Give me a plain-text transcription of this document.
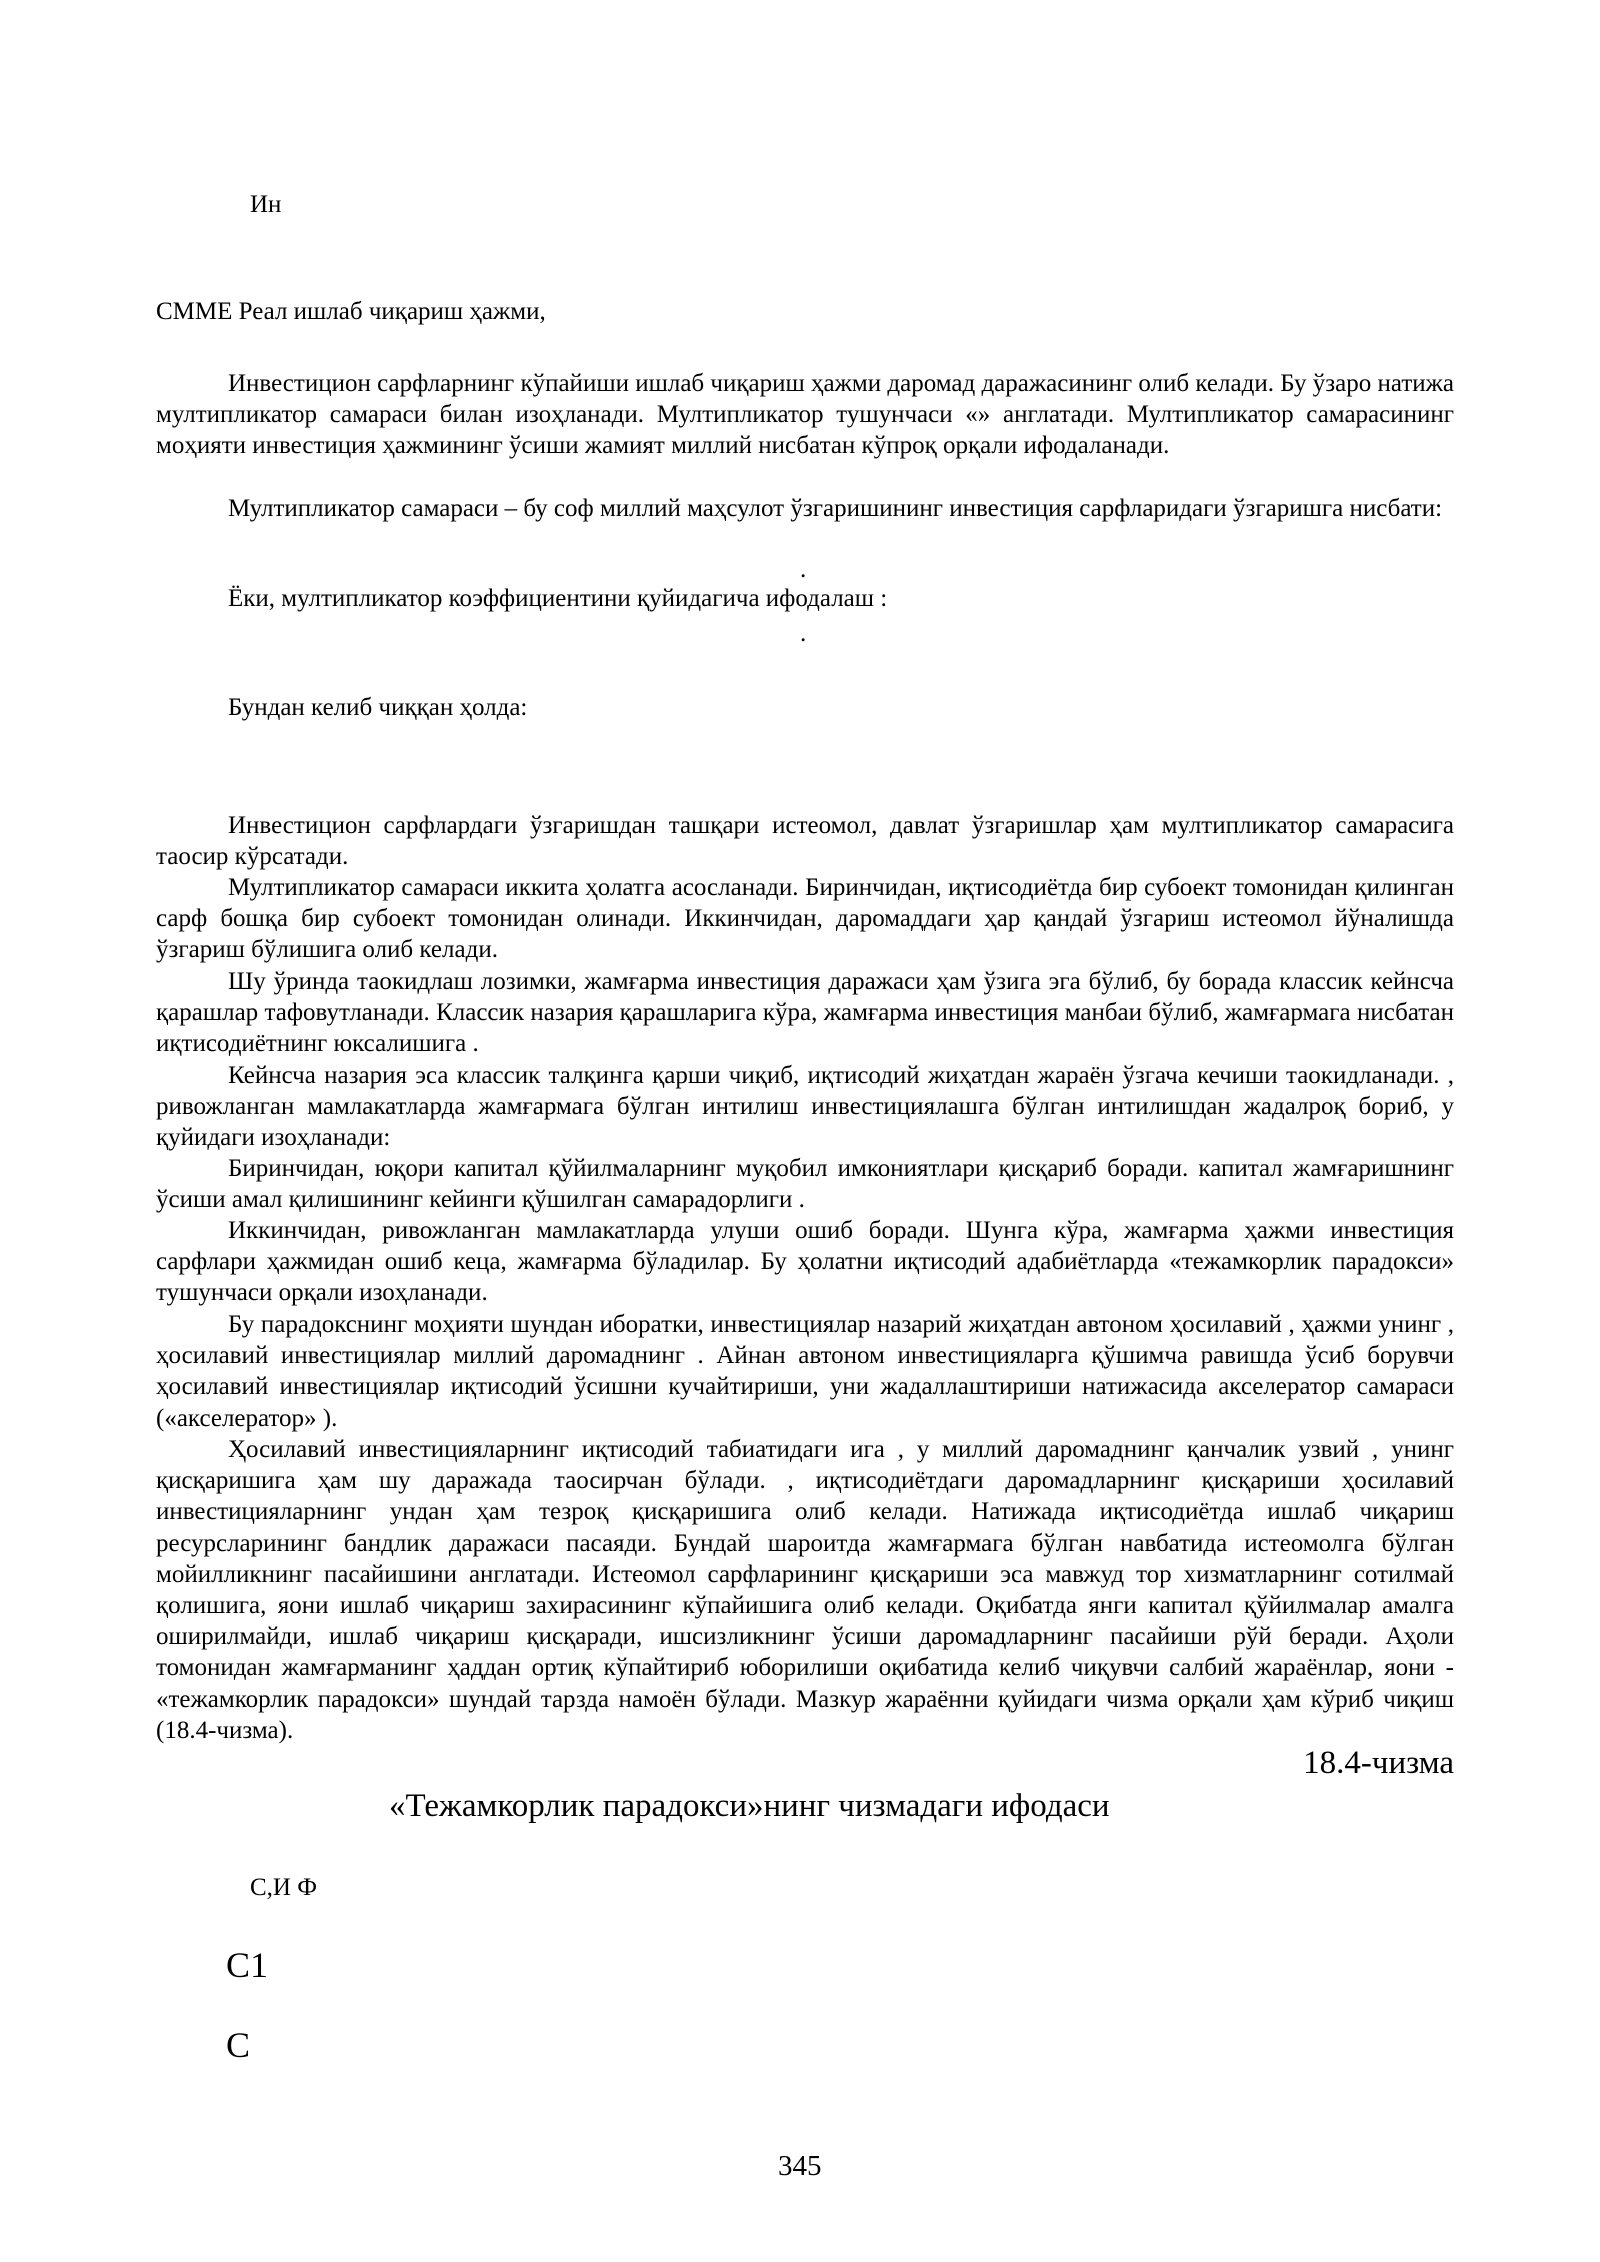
Ин

СММЕ Реал ишлаб чиқариш ҳажми,

Инвестицион сарфларнинг кўпайиши ишлаб чиқариш ҳажми даромад даражасининг олиб келади. Бу ўзаро натижа мултипликатор самараси билан изоҳланади. Мултипликатор тушунчаси «» англатади. Мултипликатор самарасининг моҳияти инвестиция ҳажмининг ўсиши жамият миллий нисбатан кўпроқ орқали ифодаланади.

Мултипликатор самараси – бу соф миллий маҳсулот ўзгаришининг инвестиция сарфларидаги ўзгаришга нисбати:

.

Ёки, мултипликатор коэффициентини қуйидагича ифодалаш :

.

Бундан келиб чиққан ҳолда:

Инвестицион сарфлардаги ўзгаришдан ташқари истеомол, давлат ўзгаришлар ҳам мултипликатор самарасига таосир кўрсатади.

Мултипликатор самараси иккита ҳолатга асосланади. Биринчидан, иқтисодиётда бир субоект томонидан қилинган сарф бошқа бир субоект томонидан олинади. Иккинчидан, даромаддаги ҳар қандай ўзгариш истеомол йўналишда ўзгариш бўлишига олиб келади.

Шу ўринда таокидлаш лозимки, жамғарма инвестиция даражаси ҳам ўзига эга бўлиб, бу борада классик кейнсча қарашлар тафовутланади. Классик назария қарашларига кўра, жамғарма инвестиция манбаи бўлиб, жамғармага нисбатан иқтисодиётнинг юксалишига .

Кейнсча назария эса классик талқинга қарши чиқиб, иқтисодий жиҳатдан жараён ўзгача кечиши таокидланади. , ривожланган мамлакатларда жамғармага бўлган интилиш инвестициялашга бўлган интилишдан жадалроқ бориб, у қуйидаги изоҳланади:

Биринчидан, юқори капитал қўйилмаларнинг муқобил имкониятлари қисқариб боради. капитал жамғаришнинг ўсиши амал қилишининг кейинги қўшилган самарадорлиги .

Иккинчидан, ривожланган мамлакатларда улуши ошиб боради. Шунга кўра, жамғарма ҳажми инвестиция сарфлари ҳажмидан ошиб кеца, жамғарма бўладилар. Бу ҳолатни иқтисодий адабиётларда «тежамкорлик парадокси» тушунчаси орқали изоҳланади.

Бу парадокснинг моҳияти шундан иборатки, инвестициялар назарий жиҳатдан автоном ҳосилавий , ҳажми унинг , ҳосилавий инвестициялар миллий даромаднинг . Айнан автоном инвестицияларга қўшимча равишда ўсиб борувчи ҳосилавий инвестициялар иқтисодий ўсишни кучайтириши, уни жадаллаштириши натижасида акселератор самараси («акселератор» ).

Ҳосилавий инвестицияларнинг иқтисодий табиатидаги ига , у миллий даромаднинг қанчалик узвий , унинг қисқаришига ҳам шу даражада таосирчан бўлади. , иқтисодиётдаги даромадларнинг қисқариши ҳосилавий инвестицияларнинг ундан ҳам тезроқ қисқаришига олиб келади. Натижада иқтисодиётда ишлаб чиқариш ресурсларининг бандлик даражаси пасаяди. Бундай шароитда жамғармага бўлган навбатида истеомолга бўлган мойилликнинг пасайишини англатади. Истеомол сарфларининг қисқариши эса мавжуд тор хизматларнинг сотилмай қолишига, яони ишлаб чиқариш захирасининг кўпайишига олиб келади. Оқибатда янги капитал қўйилмалар амалга оширилмайди, ишлаб чиқариш қисқаради, ишсизликнинг ўсиши даромадларнинг пасайиши рўй беради. Аҳоли томонидан жамғарманинг ҳаддан ортиқ кўпайтириб юборилиши оқибатида келиб чиқувчи салбий жараёнлар, яони - «тежамкорлик парадокси» шундай тарзда намоён бўлади. Мазкур жараённи қуйидаги чизма орқали ҳам кўриб чиқиш (18.4-чизма).

18.4-чизма

«Тежамкорлик парадокси»нинг чизмадаги ифодаси

С,И Ф

С1

С

345
